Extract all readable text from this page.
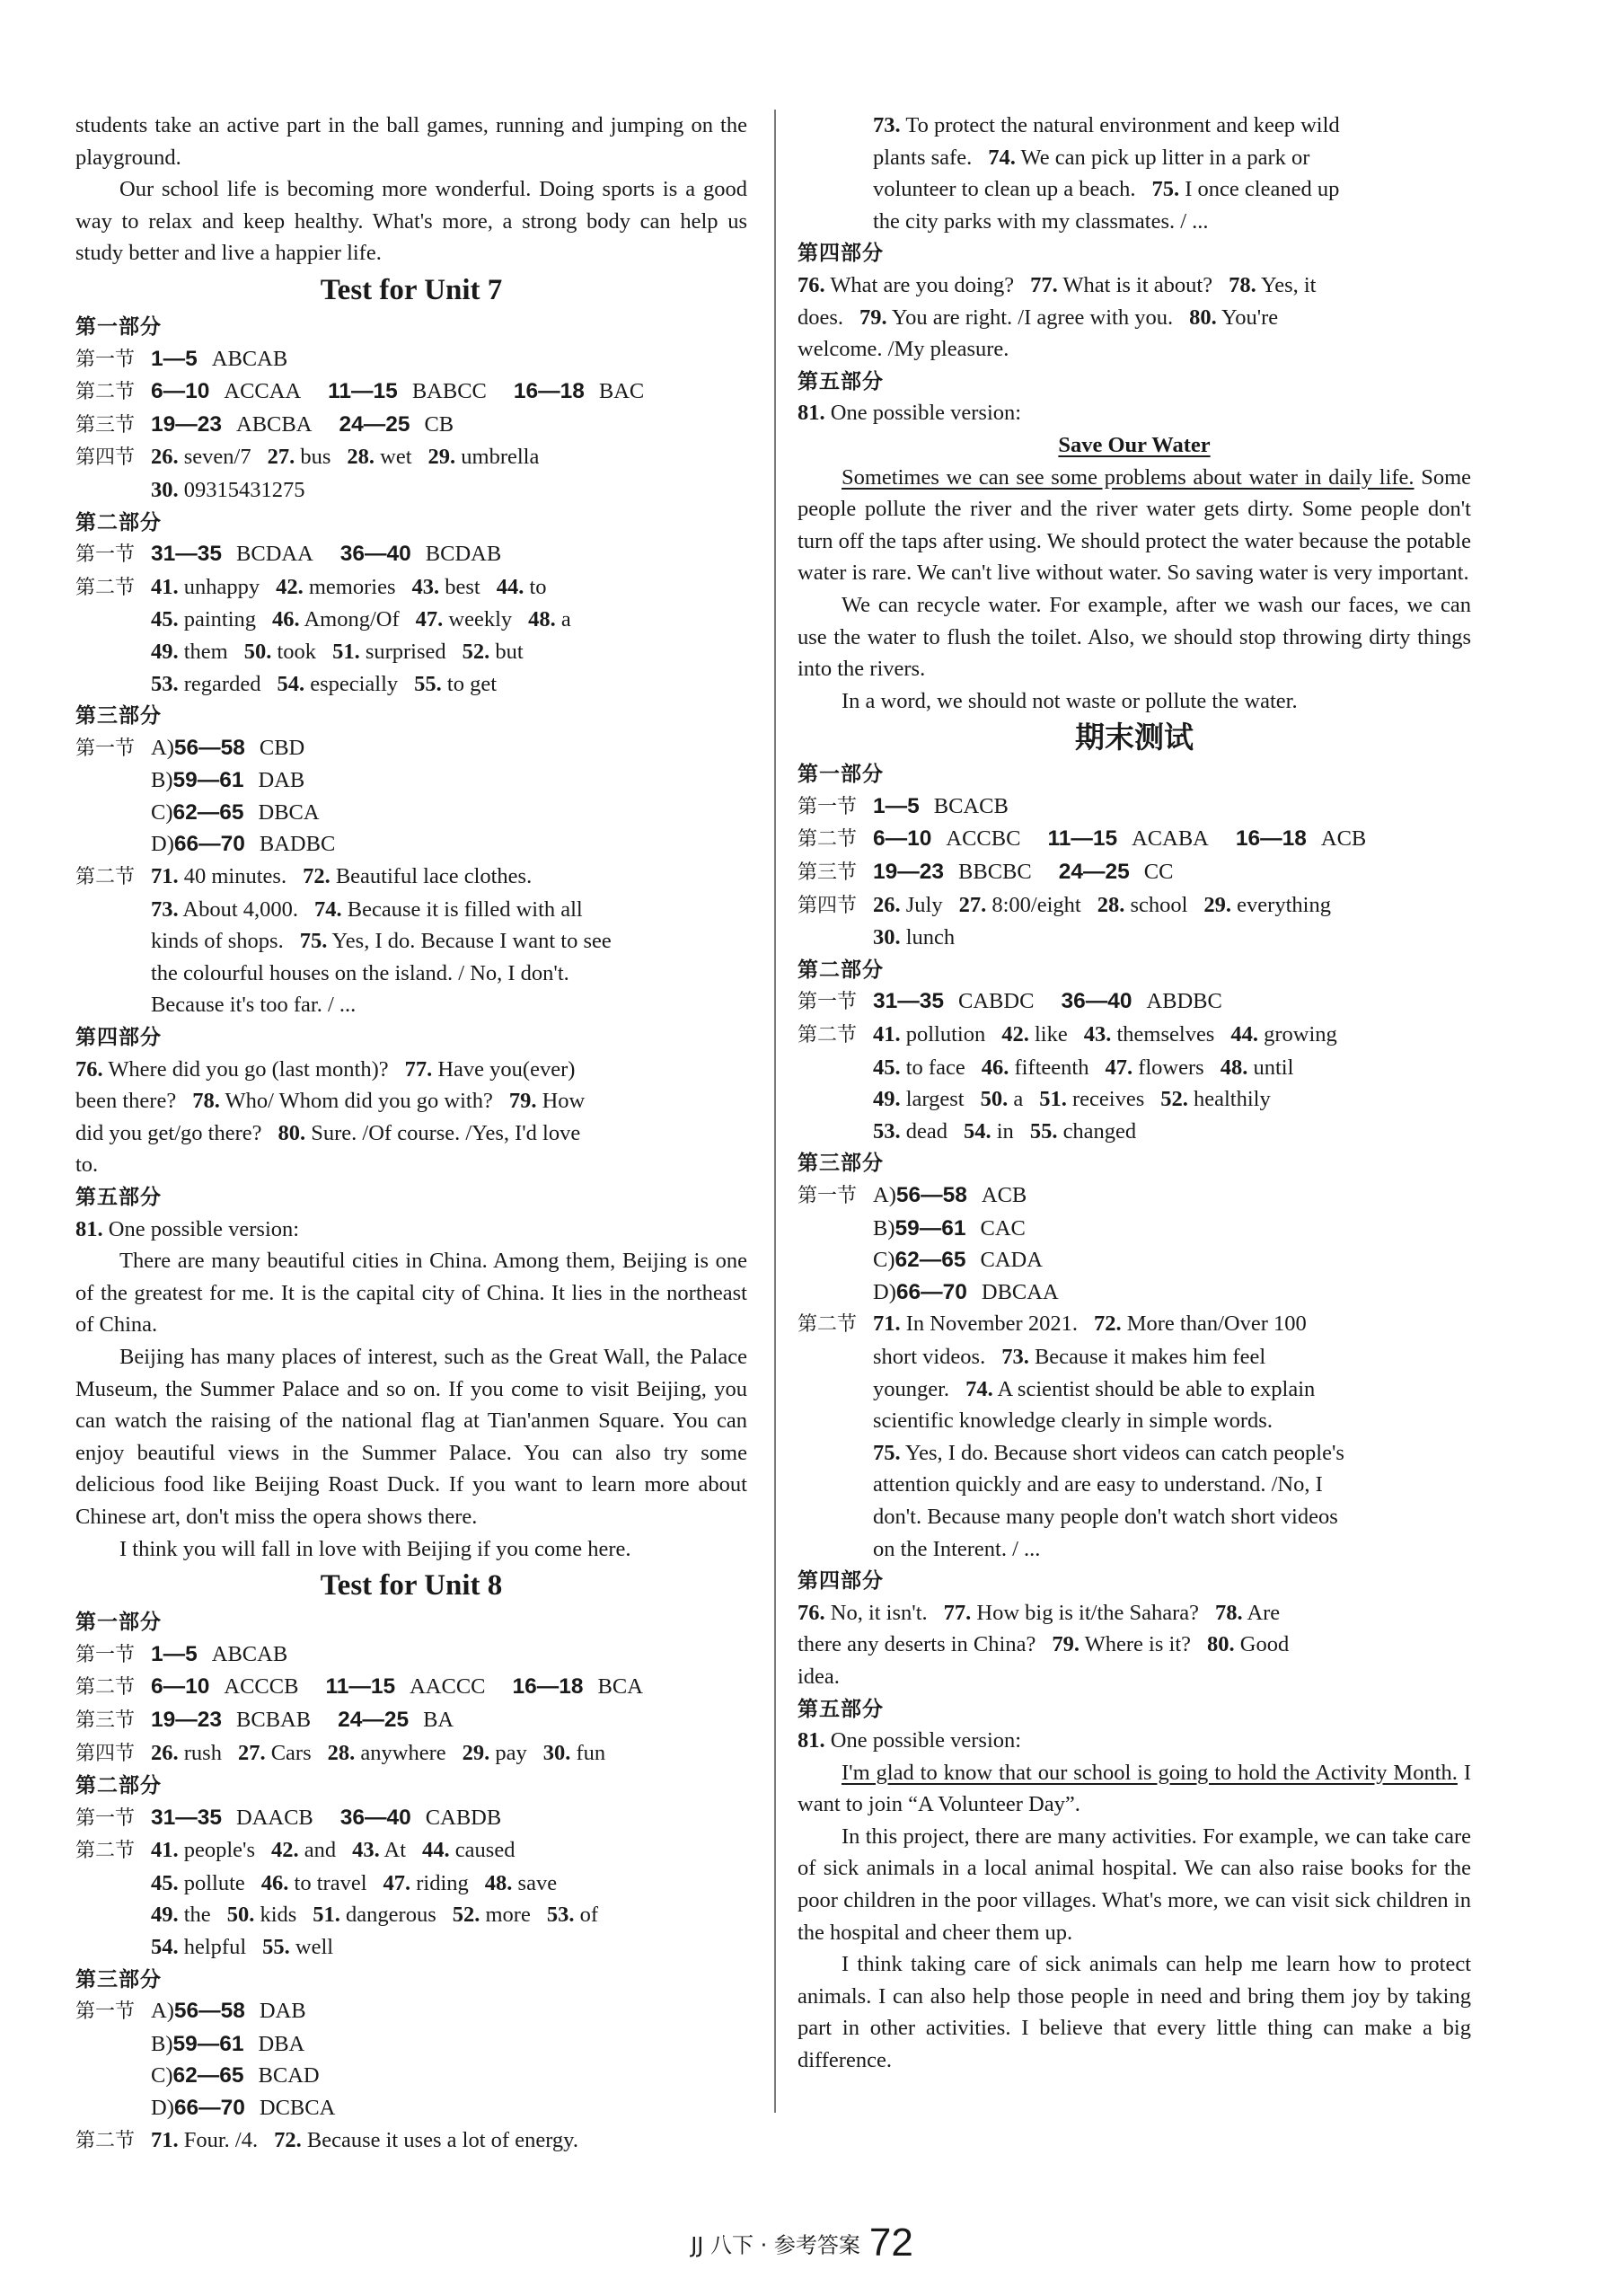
students take an active part in the ball games, running and jumping on the playground.
Our school life is becoming more wonderful. Doing sports is a good way to relax and keep healthy. What's more, a strong body can help us study better and live a happier life.
Test for Unit 7
第一部分
第一节 1—5 ABCAB
第二节 6—10 ACCAA 11—15 BABCC 16—18 BAC
第三节 19—23 ABCBA 24—25 CB
第四节 26. seven/7 27. bus 28. wet 29. umbrella
30. 09315431275
第二部分
第一节 31—35 BCDAA 36—40 BCDAB
第二节 41. unhappy 42. memories 43. best 44. to
45. painting 46. Among/Of 47. weekly 48. a
49. them 50. took 51. surprised 52. but
53. regarded 54. especially 55. to get
第三部分
第一节 A)56—58 CBD
B)59—61 DAB
C)62—65 DBCA
D)66—70 BADBC
第二节 71. 40 minutes. 72. Beautiful lace clothes.
73. About 4,000. 74. Because it is filled with all
kinds of shops. 75. Yes, I do. Because I want to see
the colourful houses on the island. / No, I don't.
Because it's too far. / ...
第四部分
76. Where did you go (last month)? 77. Have you(ever)
been there? 78. Who/ Whom did you go with? 79. How
did you get/go there? 80. Sure. /Of course. /Yes, I'd love
to.
第五部分
81. One possible version:
There are many beautiful cities in China. Among them, Beijing is one of the greatest for me. It is the capital city of China. It lies in the northeast of China.
Beijing has many places of interest, such as the Great Wall, the Palace Museum, the Summer Palace and so on. If you come to visit Beijing, you can watch the raising of the national flag at Tian'anmen Square. You can enjoy beautiful views in the Summer Palace. You can also try some delicious food like Beijing Roast Duck. If you want to learn more about Chinese art, don't miss the opera shows there.
I think you will fall in love with Beijing if you come here.
Test for Unit 8
第一部分
第一节 1—5 ABCAB
第二节 6—10 ACCCB 11—15 AACCC 16—18 BCA
第三节 19—23 BCBAB 24—25 BA
第四节 26. rush 27. Cars 28. anywhere 29. pay 30. fun
第二部分
第一节 31—35 DAACB 36—40 CABDB
第二节 41. people's 42. and 43. At 44. caused
45. pollute 46. to travel 47. riding 48. save
49. the 50. kids 51. dangerous 52. more 53. of
54. helpful 55. well
第三部分
第一节 A)56—58 DAB
B)59—61 DBA
C)62—65 BCAD
D)66—70 DCBCA
第二节 71. Four. /4. 72. Because it uses a lot of energy.
73. To protect the natural environment and keep wild
plants safe. 74. We can pick up litter in a park or
volunteer to clean up a beach. 75. I once cleaned up
the city parks with my classmates. / ...
第四部分
76. What are you doing? 77. What is it about? 78. Yes, it
does. 79. You are right. /I agree with you. 80. You're
welcome. /My pleasure.
第五部分
81. One possible version:
Save Our Water
Sometimes we can see some problems about water in daily life. Some people pollute the river and the river water gets dirty. Some people don't turn off the taps after using. We should protect the water because the potable water is rare. We can't live without water. So saving water is very important.
We can recycle water. For example, after we wash our faces, we can use the water to flush the toilet. Also, we should stop throwing dirty things into the rivers.
In a word, we should not waste or pollute the water.
期末测试
第一部分
第一节 1—5 BCACB
第二节 6—10 ACCBC 11—15 ACABA 16—18 ACB
第三节 19—23 BBCBC 24—25 CC
第四节 26. July 27. 8:00/eight 28. school 29. everything
30. lunch
第二部分
第一节 31—35 CABDC 36—40 ABDBC
第二节 41. pollution 42. like 43. themselves 44. growing
45. to face 46. fifteenth 47. flowers 48. until
49. largest 50. a 51. receives 52. healthily
53. dead 54. in 55. changed
第三部分
第一节 A)56—58 ACB
B)59—61 CAC
C)62—65 CADA
D)66—70 DBCAA
第二节 71. In November 2021. 72. More than/Over 100
short videos. 73. Because it makes him feel
younger. 74. A scientist should be able to explain
scientific knowledge clearly in simple words.
75. Yes, I do. Because short videos can catch people's
attention quickly and are easy to understand. /No, I
don't. Because many people don't watch short videos
on the Interent. / ...
第四部分
76. No, it isn't. 77. How big is it/the Sahara? 78. Are
there any deserts in China? 79. Where is it? 80. Good
idea.
第五部分
81. One possible version:
I'm glad to know that our school is going to hold the Activity Month. I want to join “A Volunteer Day”.
In this project, there are many activities. For example, we can take care of sick animals in a local animal hospital. We can also raise books for the poor children in the poor villages. What's more, we can visit sick children in the hospital and cheer them up.
I think taking care of sick animals can help me learn how to protect animals. I can also help those people in need and bring them joy by taking part in other activities. I believe that every little thing can make a big difference.
JJ 八下 · 参考答案 72
